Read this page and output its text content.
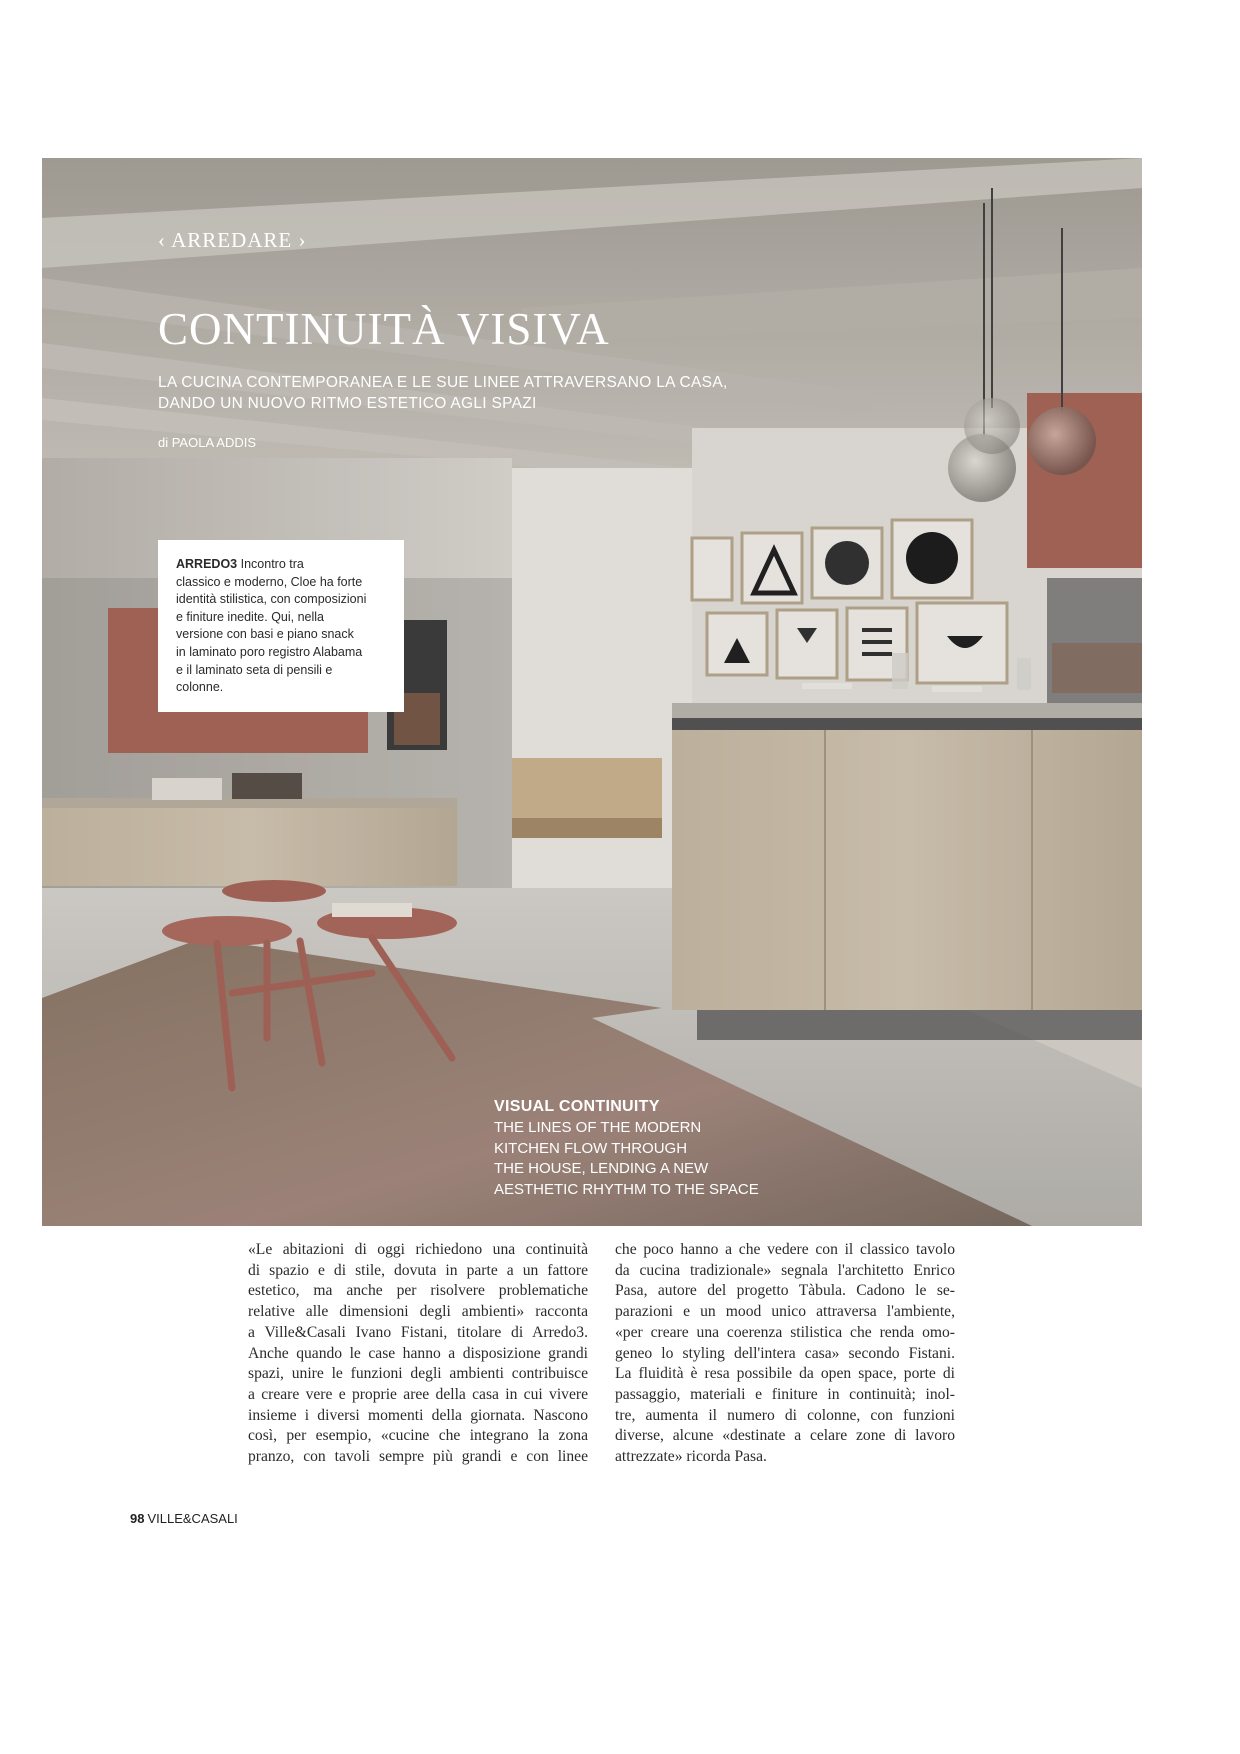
‹ ARREDARE ›
CONTINUITÀ VISIVA
LA CUCINA CONTEMPORANEA E LE SUE LINEE ATTRAVERSANO LA CASA,
DANDO UN NUOVO RITMO ESTETICO AGLI SPAZI
di PAOLA ADDIS
ARREDO3 Incontro tra
classico e moderno, Cloe ha forte
identità stilistica, con composizioni
e finiture inedite. Qui, nella
versione con basi e piano snack
in laminato poro registro Alabama
e il laminato seta di pensili e
colonne.
VISUAL CONTINUITY
THE LINES OF THE MODERN
KITCHEN FLOW THROUGH
THE HOUSE, LENDING A NEW
AESTHETIC RHYTHM TO THE SPACE
«Le abitazioni di oggi richiedono una continuità
di spazio e di stile, dovuta in parte a un fattore
estetico, ma anche per risolvere problematiche
relative alle dimensioni degli ambienti» racconta
a Ville&Casali Ivano Fistani, titolare di Arredo3.
Anche quando le case hanno a disposizione grandi
spazi, unire le funzioni degli ambienti contribuisce
a creare vere e proprie aree della casa in cui vivere
insieme i diversi momenti della giornata. Nascono
così, per esempio, «cucine che integrano la zona
pranzo, con tavoli sempre più grandi e con linee
che poco hanno a che vedere con il classico tavolo
da cucina tradizionale» segnala l'architetto Enrico
Pasa, autore del progetto Tàbula. Cadono le se-
parazioni e un mood unico attraversa l'ambiente,
«per creare una coerenza stilistica che renda omo-
geneo lo styling dell'intera casa» secondo Fistani.
La fluidità è resa possibile da open space, porte di
passaggio, materiali e finiture in continuità; inol-
tre, aumenta il numero di colonne, con funzioni
diverse, alcune «destinate a celare zone di lavoro
attrezzate» ricorda Pasa.
98 VILLE&CASALI
